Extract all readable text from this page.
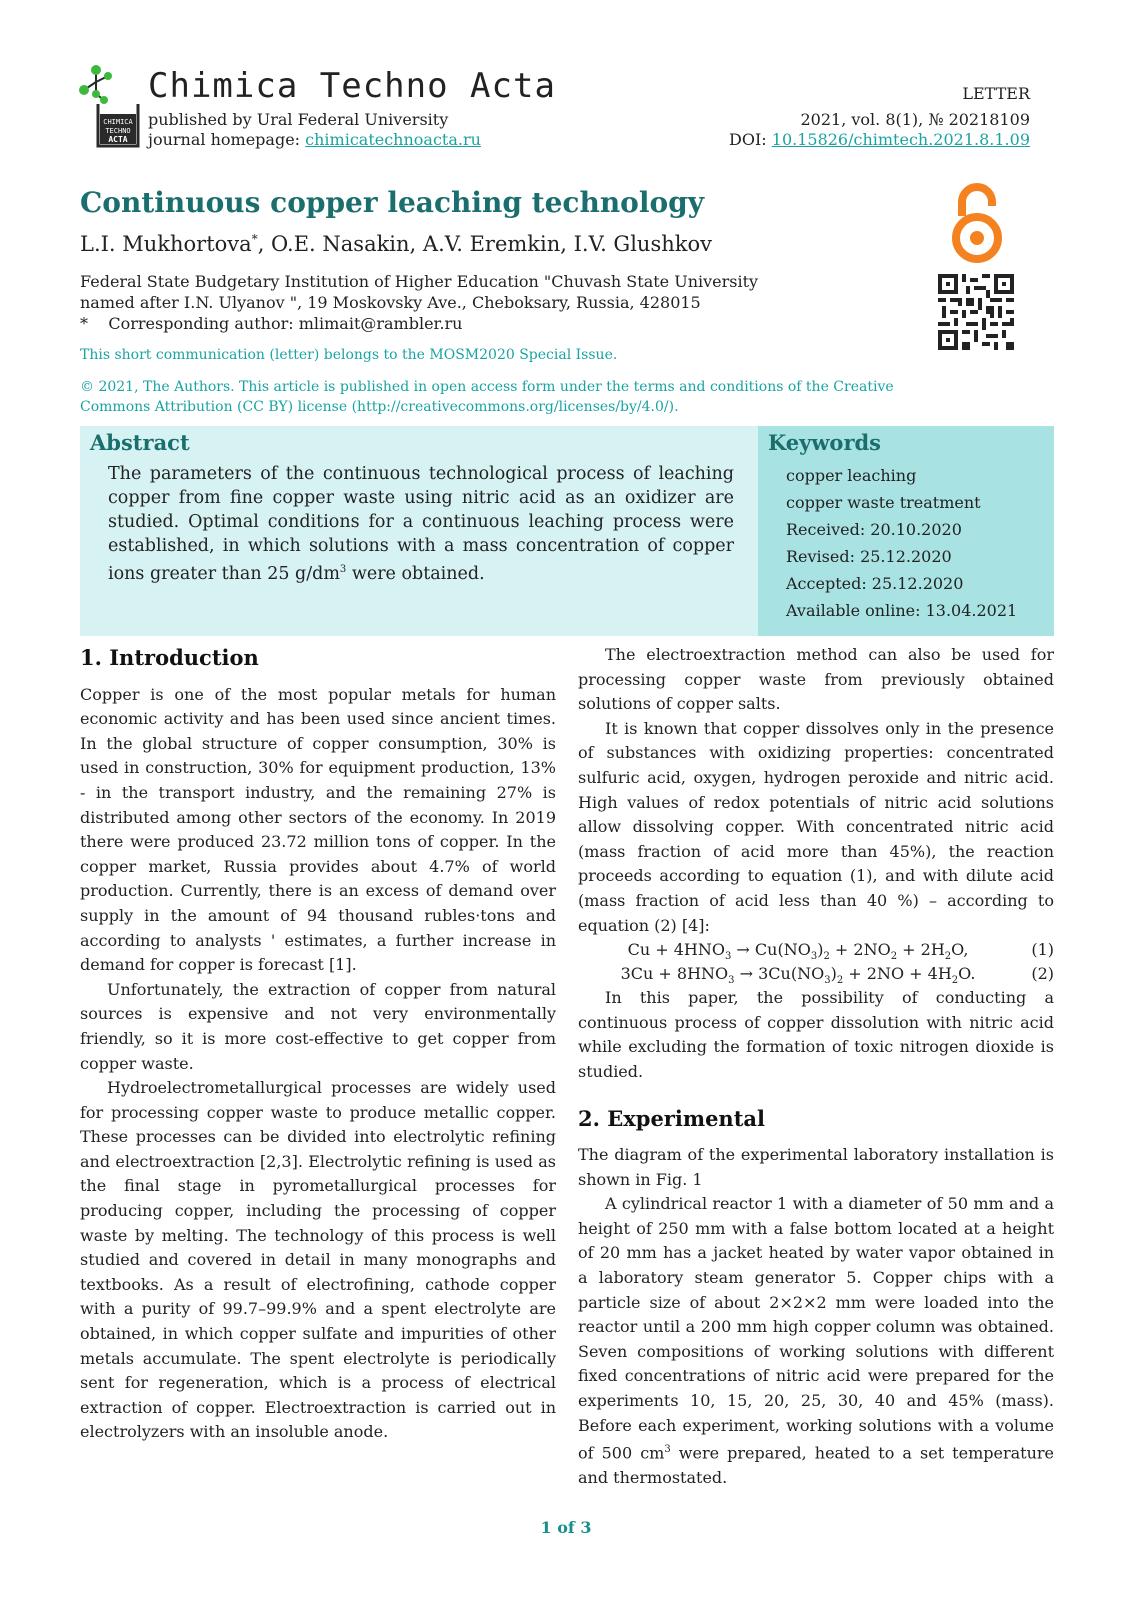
CHIMICA
TECHNO
ACTA
Chimica Techno Acta
published by Ural Federal University
journal homepage: chimicatechnoacta.ru
LETTER
2021, vol. 8(1), № 20218109
DOI: 10.15826/chimtech.2021.8.1.09
Continuous copper leaching technology
L.I. Mukhortova*, O.E. Nasakin, A.V. Eremkin, I.V. Glushkov
Federal State Budgetary Institution of Higher Education "Chuvash State University
named after I.N. Ulyanov ", 19 Moskovsky Ave., Cheboksary, Russia, 428015
*    Corresponding author: mlimait@rambler.ru
This short communication (letter) belongs to the MOSM2020 Special Issue.
© 2021, The Authors. This article is published in open access form under the terms and conditions of the Creative
Commons Attribution (CC BY) license (http://creativecommons.org/licenses/by/4.0/).
Abstract
The parameters of the continuous technological process of leaching copper from fine copper waste using nitric acid as an oxidizer are studied. Optimal conditions for a continuous leaching process were established, in which solutions with a mass concentration of copper ions greater than 25 $g/dm^3$ were obtained.
Keywords
copper leaching
copper waste treatment
Received: 20.10.2020
Revised: 25.12.2020
Accepted: 25.12.2020
Available online: 13.04.2021
1. Introduction

Copper is one of the most popular metals for human economic activity and has been used since ancient times. In the global structure of copper consumption, 30% is used in construction, 30% for equipment production, 13% - in the transport industry, and the remaining 27% is distributed among other sectors of the economy. In 2019 there were produced 23.72 million tons of copper. In the copper market, Russia provides about 4.7% of world production. Currently, there is an excess of demand over supply in the amount of 94 thousand rubles·tons and according to analysts ' estimates, a further increase in demand for copper is forecast [1].

Unfortunately, the extraction of copper from natural sources is expensive and not very environmentally friendly, so it is more cost-effective to get copper from copper waste.

Hydroelectrometallurgical processes are widely used for processing copper waste to produce metallic copper. These processes can be divided into electrolytic refining and electroextraction [2,3]. Electrolytic refining is used as the final stage in pyrometallurgical processes for producing copper, including the processing of copper waste by melting. The technology of this process is well studied and covered in detail in many monographs and textbooks. As a result of electrofining, cathode copper with a purity of 99.7–99.9% and a spent electrolyte are obtained, in which copper sulfate and impurities of other metals accumulate. The spent electrolyte is periodically sent for regeneration, which is a process of electrical extraction of copper. Electroextraction is carried out in electrolyzers with an insoluble anode.

The electroextraction method can also be used for processing copper waste from previously obtained solutions of copper salts.

It is known that copper dissolves only in the presence of substances with oxidizing properties: concentrated sulfuric acid, oxygen, hydrogen peroxide and nitric acid. High values of redox potentials of nitric acid solutions allow dissolving copper. With concentrated nitric acid (mass fraction of acid more than 45%), the reaction proceeds according to equation (1), and with dilute acid (mass fraction of acid less than 40 %) – according to equation (2) [4]:

$Cu + 4HNO_3 \to Cu(NO_3)_2 + 2NO_2 + 2H_2O$,	(1)
$3Cu + 8HNO_3 \to 3Cu(NO_3)_2 + 2NO + 4H_2O$.	(2)

In this paper, the possibility of conducting a continuous process of copper dissolution with nitric acid while excluding the formation of toxic nitrogen dioxide is studied.

2. Experimental

The diagram of the experimental laboratory installation is shown in Fig. 1

A cylindrical reactor 1 with a diameter of 50 mm and a height of 250 mm with a false bottom located at a height of 20 mm has a jacket heated by water vapor obtained in a laboratory steam generator 5. Copper chips with a particle size of about 2×2×2 mm were loaded into the reactor until a 200 mm high copper column was obtained. Seven compositions of working solutions with different fixed concentrations of nitric acid were prepared for the experiments 10, 15, 20, 25, 30, 40 and 45% (mass). Before each experiment, working solutions with a volume of 500 $cm^3$ were prepared, heated to a set temperature and thermostated.

1 of 3
